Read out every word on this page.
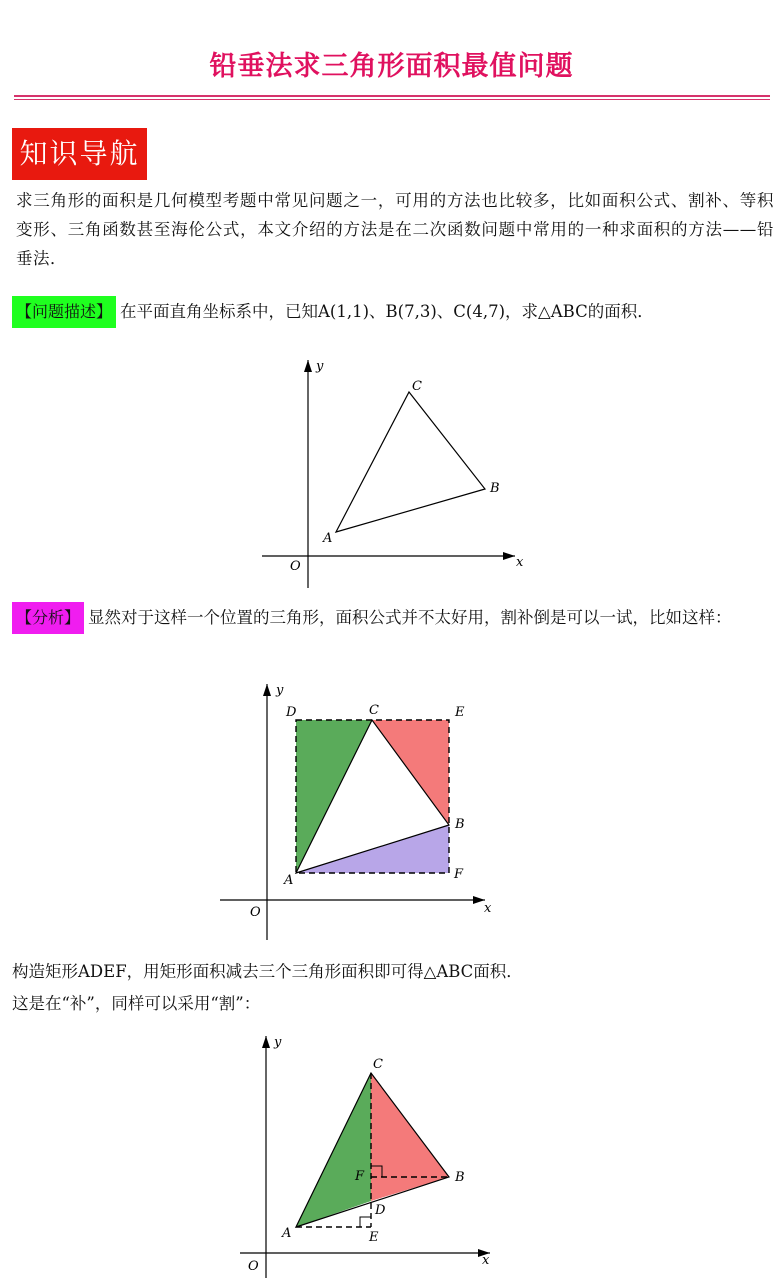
铅垂法求三角形面积最值问题
知识导航
求三角形的面积是几何模型考题中常见问题之一，可用的方法也比较多，比如面积公式、割补、等积变形、三角函数甚至海伦公式，本文介绍的方法是在二次函数问题中常用的一种求面积的方法——铅垂法．
【问题描述】 在平面直角坐标系中，已知A(1,1)、B(7,3)、C(4,7)，求△ABC的面积．
y
x
O
A
B
C
【分析】 显然对于这样一个位置的三角形，面积公式并不太好用，割补倒是可以一试，比如这样：
y
x
O
A
B
C
D	E
F
构造矩形ADEF，用矩形面积减去三个三角形面积即可得△ABC面积．
这是在“补”，同样可以采用“割”：
y
x
O
A
B
C
D
E
F
